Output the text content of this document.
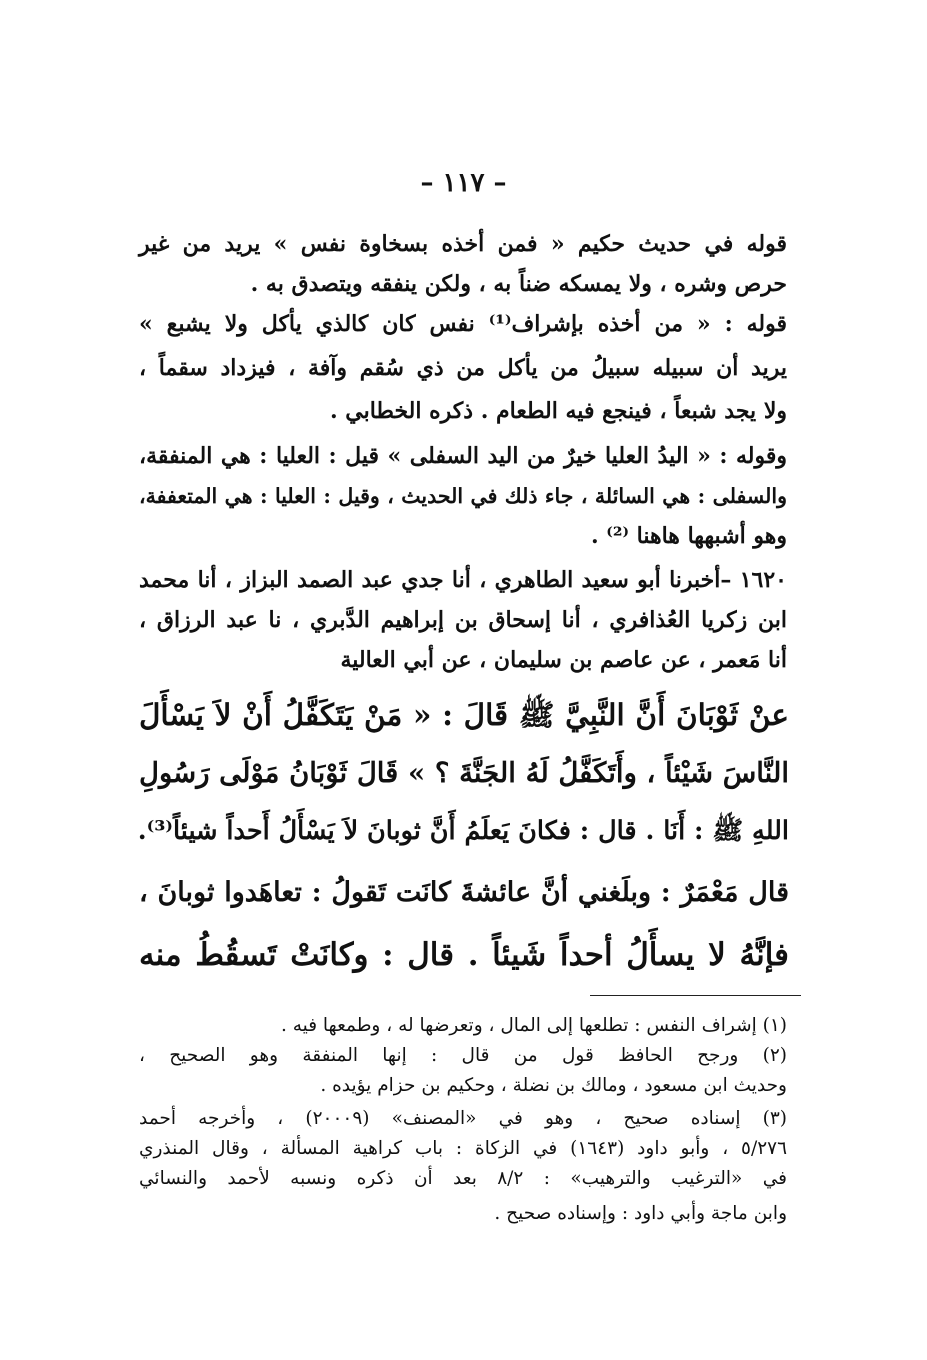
– ١١٧ –
قوله في حديث حكيم « فمن أخذه بسخاوة نفس » يريد من غير
حرص وشره ، ولا يمسكه ضناً به ، ولكن ينفقه ويتصدق به .
قوله : « من أخذه بإشراف⁽¹⁾ نفس كان كالذي يأكل ولا يشبع »
يريد أن سبيله سبيلُ من يأكل من ذي سُقم وآفة ، فيزداد سقماً ،
ولا يجد شبعاً ، فينجع فيه الطعام . ذكره الخطابي .
وقوله : « اليدُ العليا خيرٌ من اليد السفلى » قيل : العليا : هي المنفقة،
والسفلى : هي السائلة ، جاء ذلك في الحديث ، وقيل : العليا : هي المتعففة،
وهو أشبهها هاهنا ⁽²⁾ .
١٦٢٠ –أخبرنا أبو سعيد الطاهري ، أنا جدي عبد الصمد البزاز ، أنا محمد
ابن زكريا العُذافري ، أنا إسحاق بن إبراهيم الدَّبري ، نا عبد الرزاق ،
أنا مَعمر ، عن عاصم بن سليمان ، عن أبي العالية
عنْ ثَوْبَانَ أَنَّ النَّبِيَّ ﷺ قَالَ : « مَنْ يَتَكَفَّلُ أَنْ لاَ يَسْأَلَ
النَّاسَ شَيْئاً ، وأَتَكَفَّلُ لَهُ الجَنَّةَ ؟ » قَالَ ثَوْبَانُ مَوْلَى رَسُولِ
اللهِ ﷺ : أَنَا . قال : فكانَ يَعلَمُ أَنَّ ثوبانَ لاَ يَسْأَلُ أَحداً شيئاً⁽³⁾.
قال مَعْمَرٌ : وبلَغني أنَّ عائشةَ كانَت تَقولُ : تعاهَدوا ثوبانَ ،
فإنَّهُ لا يسأَلُ أحداً شَيئاً . قال : وكانَتْ تَسقُطُ منه
(١) إشراف النفس : تطلعها إلى المال ، وتعرضها له ، وطمعها فيه .
(٢) ورجح الحافظ قول من قال : إنها المنفقة وهو الصحيح ،
وحديث ابن مسعود ، ومالك بن نضلة ، وحكيم بن حزام يؤيده .
(٣) إسناده صحيح ، وهو في «المصنف» (٢٠٠٠٩) ، وأخرجه أحمد
٥/٢٧٦ ، وأبو داود (١٦٤٣) في الزكاة : باب كراهية المسألة ، وقال المنذري
في «الترغيب والترهيب» : ٨/٢ بعد أن ذكره ونسبه لأحمد والنسائي
وابن ماجة وأبي داود : وإسناده صحيح .
